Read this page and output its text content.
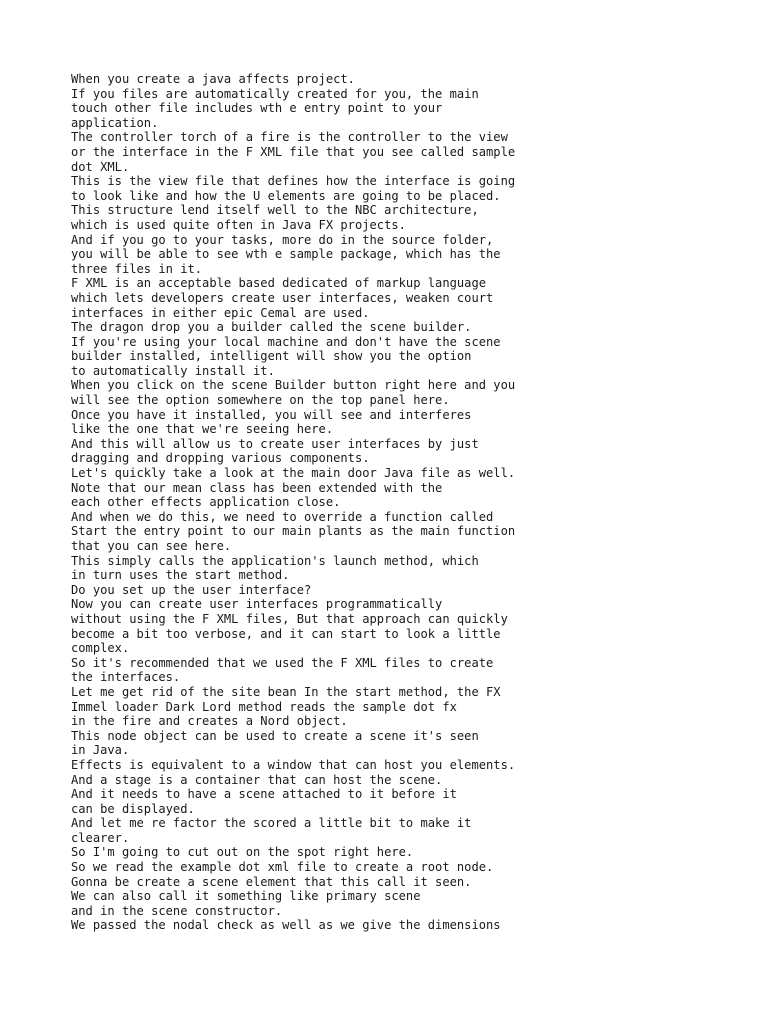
When you create a java affects project.
If you files are automatically created for you, the main
touch other file includes wth e entry point to your
application.
The controller torch of a fire is the controller to the view
or the interface in the F XML file that you see called sample
dot XML.
This is the view file that defines how the interface is going
to look like and how the U elements are going to be placed.
This structure lend itself well to the NBC architecture,
which is used quite often in Java FX projects.
And if you go to your tasks, more do in the source folder,
you will be able to see wth e sample package, which has the
three files in it.
F XML is an acceptable based dedicated of markup language
which lets developers create user interfaces, weaken court
interfaces in either epic Cemal are used.
The dragon drop you a builder called the scene builder.
If you're using your local machine and don't have the scene
builder installed, intelligent will show you the option
to automatically install it.
When you click on the scene Builder button right here and you
will see the option somewhere on the top panel here.
Once you have it installed, you will see and interferes
like the one that we're seeing here.
And this will allow us to create user interfaces by just
dragging and dropping various components.
Let's quickly take a look at the main door Java file as well.
Note that our mean class has been extended with the
each other effects application close.
And when we do this, we need to override a function called
Start the entry point to our main plants as the main function
that you can see here.
This simply calls the application's launch method, which
in turn uses the start method.
Do you set up the user interface?
Now you can create user interfaces programmatically
without using the F XML files, But that approach can quickly
become a bit too verbose, and it can start to look a little
complex.
So it's recommended that we used the F XML files to create
the interfaces.
Let me get rid of the site bean In the start method, the FX
Immel loader Dark Lord method reads the sample dot fx
in the fire and creates a Nord object.
This node object can be used to create a scene it's seen
in Java.
Effects is equivalent to a window that can host you elements.
And a stage is a container that can host the scene.
And it needs to have a scene attached to it before it
can be displayed.
And let me re factor the scored a little bit to make it
clearer.
So I'm going to cut out on the spot right here.
So we read the example dot xml file to create a root node.
Gonna be create a scene element that this call it seen.
We can also call it something like primary scene
and in the scene constructor.
We passed the nodal check as well as we give the dimensions
